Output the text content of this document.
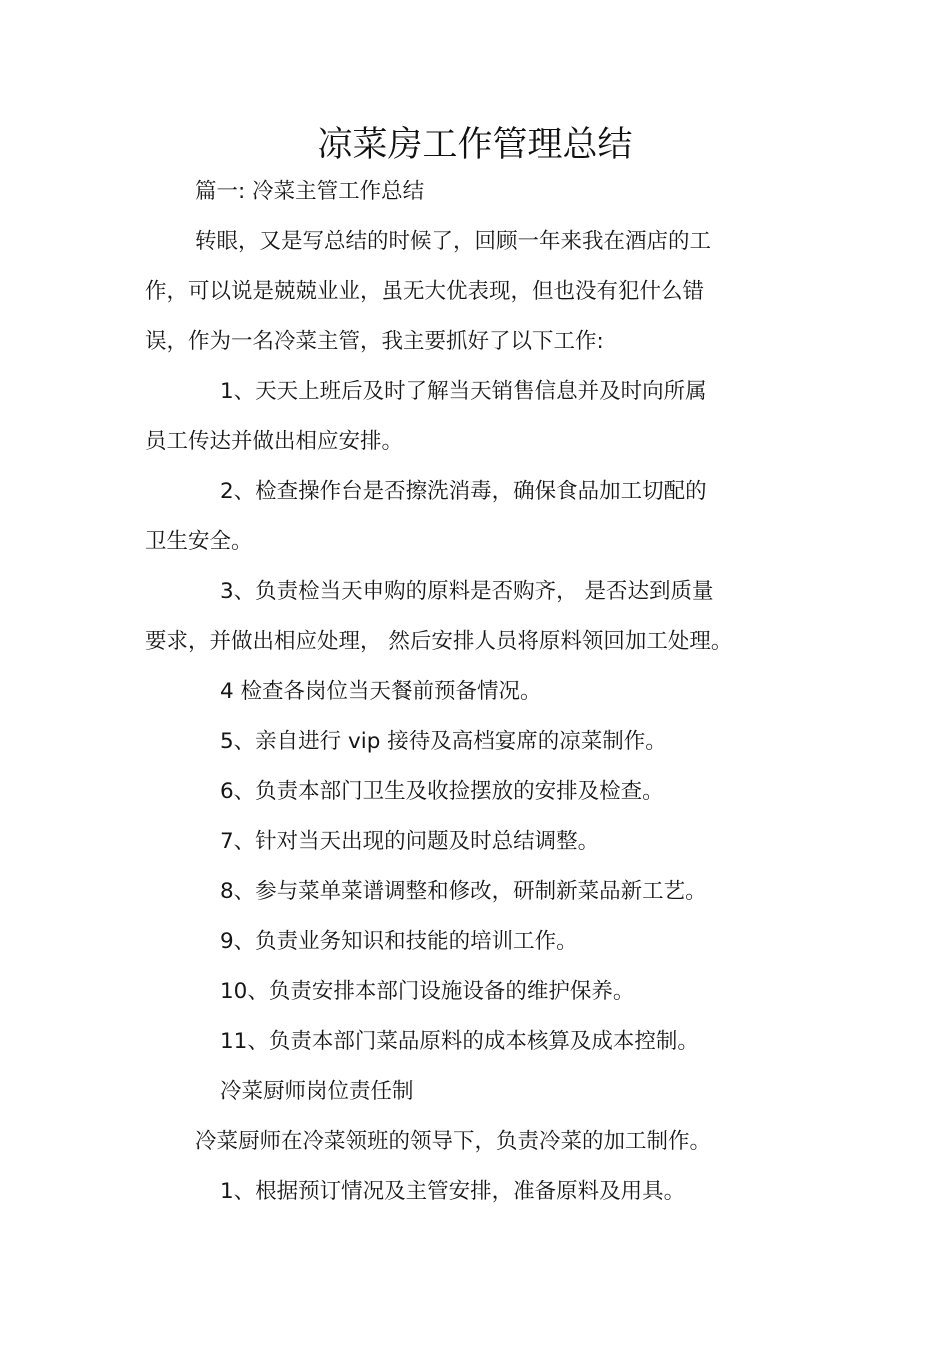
凉菜房工作管理总结
篇一: 冷菜主管工作总结
转眼，又是写总结的时候了，回顾一年来我在酒店的工
作，可以说是兢兢业业，虽无大优表现，但也没有犯什么错
误，作为一名冷菜主管，我主要抓好了以下工作:
1、天天上班后及时了解当天销售信息并及时向所属
员工传达并做出相应安排。
2、检查操作台是否擦洗消毒，确保食品加工切配的
卫生安全。
3、负责检当天申购的原料是否购齐， 是否达到质量
要求，并做出相应处理， 然后安排人员将原料领回加工处理。
4 检查各岗位当天餐前预备情况。
5、亲自进行 vip 接待及高档宴席的凉菜制作。
6、负责本部门卫生及收捡摆放的安排及检查。
7、针对当天出现的问题及时总结调整。
8、参与菜单菜谱调整和修改，研制新菜品新工艺。
9、负责业务知识和技能的培训工作。
10、负责安排本部门设施设备的维护保养。
11、负责本部门菜品原料的成本核算及成本控制。
冷菜厨师岗位责任制
冷菜厨师在冷菜领班的领导下，负责冷菜的加工制作。
1、根据预订情况及主管安排，准备原料及用具。
